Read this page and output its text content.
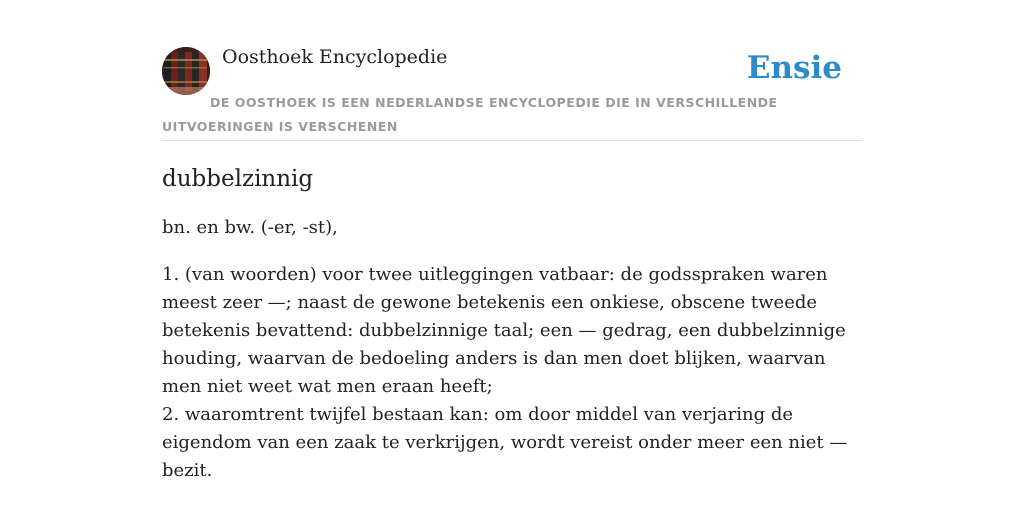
Oosthoek Encyclopedie	Ensie
DE OOSTHOEK IS EEN NEDERLANDSE ENCYCLOPEDIE DIE IN VERSCHILLENDE UITVOERINGEN IS VERSCHENEN
dubbelzinnig
bn. en bw. (-er, -st),

1. (van woorden) voor twee uitleggingen vatbaar: de godsspraken waren meest zeer —; naast de gewone betekenis een onkiese, obscene tweede betekenis bevattend: dubbelzinnige taal; een — gedrag, een dubbelzinnige houding, waarvan de bedoeling anders is dan men doet blijken, waarvan men niet weet wat men eraan heeft;

2. waaromtrent twijfel bestaan kan: om door middel van verjaring de eigendom van een zaak te verkrijgen, wordt vereist onder meer een niet — bezit.
